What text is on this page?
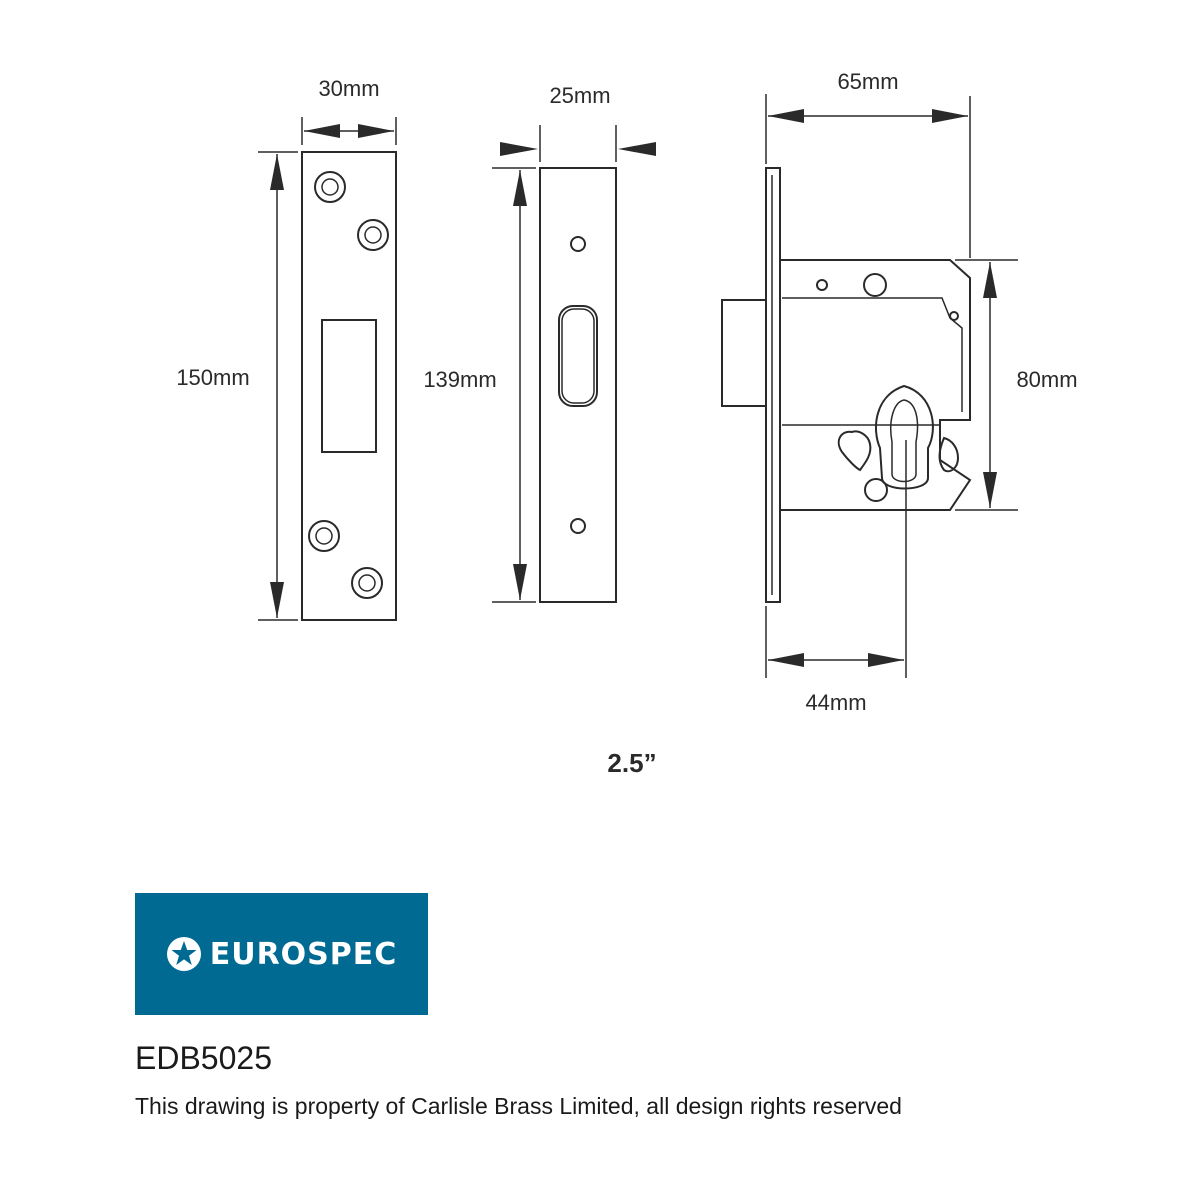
30mm
150mm
25mm
139mm
65mm
80mm
44mm
2.5”
EUROSPEC
EDB5025
This drawing is property of Carlisle Brass Limited, all design rights reserved
